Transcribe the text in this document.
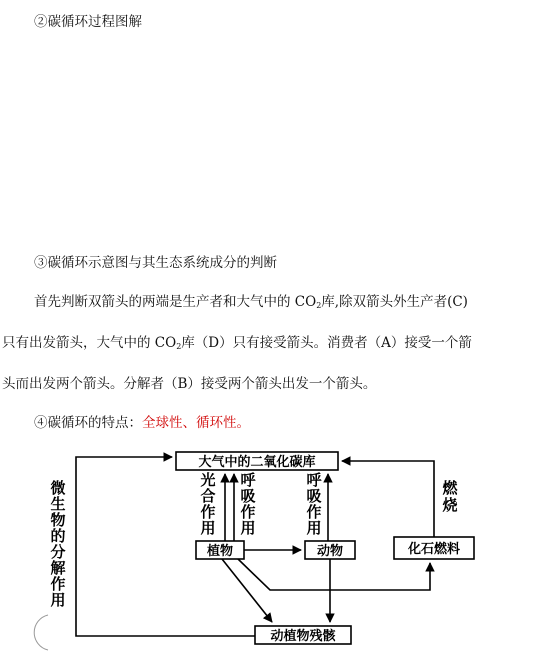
②碳循环过程图解
③碳循环示意图与其生态系统成分的判断
首先判断双箭头的两端是生产者和大气中的 $CO_2$库,除双箭头外生产者(C)
只有出发箭头，大气中的 $CO_2$库（D）只有接受箭头。消费者（A）接受一个箭
头而出发两个箭头。分解者（B）接受两个箭头出发一个箭头。
④碳循环的特点：全球性、循环性。
大气中的二氧化碳库
植物	动物	化石燃料
动植物残骸
光
合
作
用
呼
吸
作
用
呼
吸
作
用
微
生
物
的
分
解
作
用
燃
烧
